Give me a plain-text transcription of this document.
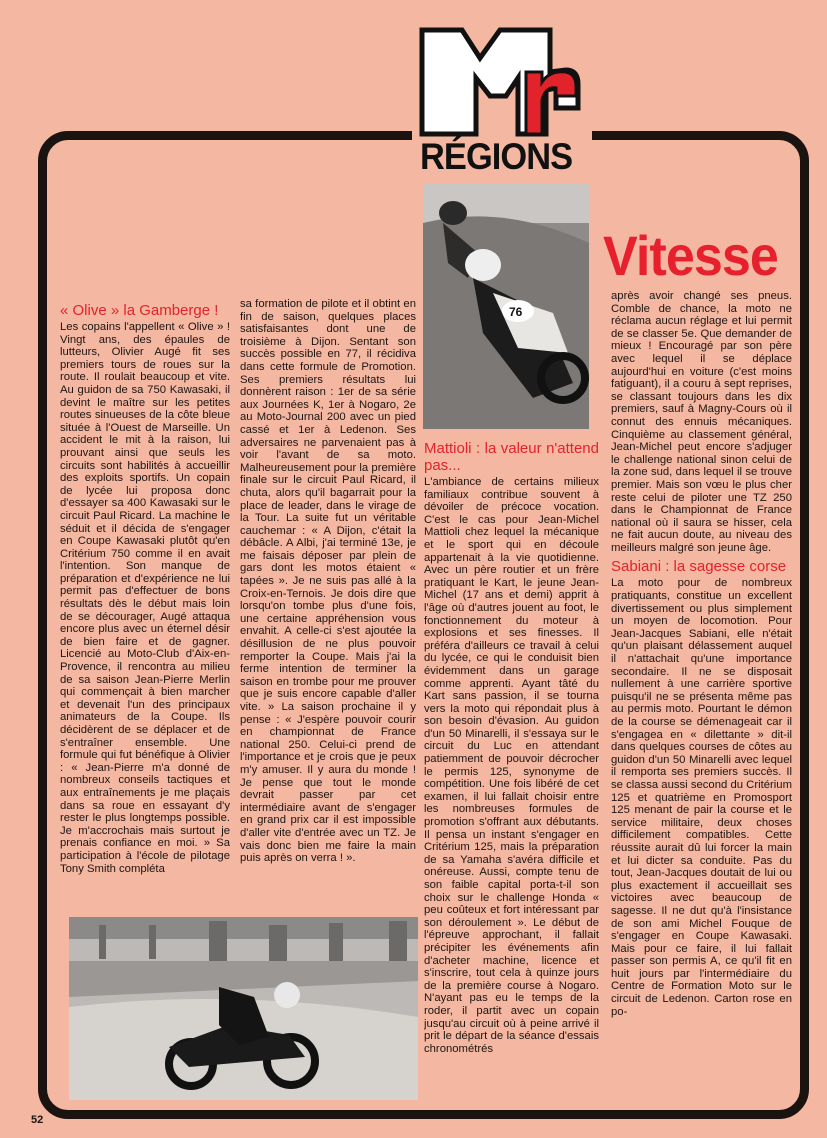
RÉGIONS
Vitesse
76
« Olive » la Gamberge !

Les copains l'appellent « Olive » ! Vingt ans, des épaules de lutteurs, Olivier Augé fit ses premiers tours de roues sur la route. Il roulait beaucoup et vite. Au guidon de sa 750 Kawasaki, il devint le maître sur les petites routes sinueuses de la côte bleue située à l'Ouest de Marseille. Un accident le mit à la raison, lui prouvant ainsi que seuls les circuits sont habilités à accueillir des exploits sportifs. Un copain de lycée lui proposa donc d'essayer sa 400 Kawasaki sur le circuit Paul Ricard. La machine le séduit et il décida de s'engager en Coupe Kawasaki plutôt qu'en Critérium 750 comme il en avait l'intention. Son manque de préparation et d'expérience ne lui permit pas d'effectuer de bons résultats dès le début mais loin de se décourager, Augé attaqua encore plus avec un éternel désir de bien faire et de gagner. Licencié au Moto-Club d'Aix-en-Provence, il rencontra au milieu de sa saison Jean-Pierre Merlin qui commençait à bien marcher et devenait l'un des principaux animateurs de la Coupe. Ils décidèrent de se déplacer et de s'entraîner ensemble. Une formule qui fut bénéfique à Olivier : « Jean-Pierre m'a donné de nombreux conseils tactiques et aux entraînements je me plaçais dans sa roue en essayant d'y rester le plus longtemps possible. Je m'accrochais mais surtout je prenais confiance en moi. » Sa participation à l'école de pilotage Tony Smith compléta

sa formation de pilote et il obtint en fin de saison, quelques places satisfaisantes dont une de troisième à Dijon. Sentant son succès possible en 77, il récidiva dans cette formule de Promotion. Ses premiers résultats lui donnèrent raison : 1er de sa série aux Journées K, 1er à Nogaro, 2e au Moto-Journal 200 avec un pied cassé et 1er à Ledenon. Ses adversaires ne parvenaient pas à voir l'avant de sa moto. Malheureusement pour la première finale sur le circuit Paul Ricard, il chuta, alors qu'il bagarrait pour la place de leader, dans le virage de la Tour. La suite fut un véritable cauchemar : « A Dijon, c'était la débâcle. A Albi, j'ai terminé 13e, je me faisais déposer par plein de gars dont les motos étaient « tapées ». Je ne suis pas allé à la Croix-en-Ternois. Je dois dire que lorsqu'on tombe plus d'une fois, une certaine appréhension vous envahit. A celle-ci s'est ajoutée la désillusion de ne plus pouvoir remporter la Coupe. Mais j'ai la ferme intention de terminer la saison en trombe pour me prouver que je suis encore capable d'aller vite. » La saison prochaine il y pense : « J'espère pouvoir courir en championnat de France national 250. Celui-ci prend de l'importance et je crois que je peux m'y amuser. Il y aura du monde ! Je pense que tout le monde devrait passer par cet intermédiaire avant de s'engager en grand prix car il est impossible d'aller vite d'entrée avec un TZ. Je vais donc bien me faire la main puis après on verra ! ».

Mattioli : la valeur n'attend pas...

L'ambiance de certains milieux familiaux contribue souvent à dévoiler de précoce vocation. C'est le cas pour Jean-Michel Mattioli chez lequel la mécanique et le sport qui en découle appartenait à la vie quotidienne. Avec un père routier et un frère pratiquant le Kart, le jeune Jean-Michel (17 ans et demi) apprit à l'âge où d'autres jouent au foot, le fonctionnement du moteur à explosions et ses finesses. Il préféra d'ailleurs ce travail à celui du lycée, ce qui le conduisit bien évidemment dans un garage comme apprenti. Ayant tâté du Kart sans passion, il se tourna vers la moto qui répondait plus à son besoin d'évasion. Au guidon d'un 50 Minarelli, il s'essaya sur le circuit du Luc en attendant patiemment de pouvoir décrocher le permis 125, synonyme de compétition. Une fois libéré de cet examen, il lui fallait choisir entre les nombreuses formules de promotion s'offrant aux débutants. Il pensa un instant s'engager en Critérium 125, mais la préparation de sa Yamaha s'avéra difficile et onéreuse. Aussi, compte tenu de son faible capital porta-t-il son choix sur le challenge Honda « peu coûteux et fort intéressant par son déroulement ». Le début de l'épreuve approchant, il fallait précipiter les événements afin d'acheter machine, licence et s'inscrire, tout cela à quinze jours de la première course à Nogaro. N'ayant pas eu le temps de la roder, il partit avec un copain jusqu'au circuit où à peine arrivé il prit le départ de la séance d'essais chronométrés

après avoir changé ses pneus. Comble de chance, la moto ne réclama aucun réglage et lui permit de se classer 5e. Que demander de mieux ! Encouragé par son père avec lequel il se déplace aujourd'hui en voiture (c'est moins fatiguant), il a couru à sept reprises, se classant toujours dans les dix premiers, sauf à Magny-Cours où il connut des ennuis mécaniques. Cinquième au classement général, Jean-Michel peut encore s'adjuger le challenge national sinon celui de la zone sud, dans lequel il se trouve premier. Mais son vœu le plus cher reste celui de piloter une TZ 250 dans le Championnat de France national où il saura se hisser, cela ne fait aucun doute, au niveau des meilleurs malgré son jeune âge.

Sabiani : la sagesse corse

La moto pour de nombreux pratiquants, constitue un excellent divertissement ou plus simplement un moyen de locomotion. Pour Jean-Jacques Sabiani, elle n'était qu'un plaisant délassement auquel il n'attachait qu'une importance secondaire. Il ne se disposait nullement à une carrière sportive puisqu'il ne se présenta même pas au permis moto. Pourtant le démon de la course se démenageait car il s'engagea en « dilettante » dit-il dans quelques courses de côtes au guidon d'un 50 Minarelli avec lequel il remporta ses premiers succès. Il se classa aussi second du Critérium 125 et quatrième en Promosport 125 menant de pair la course et le service militaire, deux choses difficilement compatibles. Cette réussite aurait dû lui forcer la main et lui dicter sa conduite. Pas du tout, Jean-Jacques doutait de lui ou plus exactement il accueillait ses victoires avec beaucoup de sagesse. Il ne dut qu'à l'insistance de son ami Michel Fouque de s'engager en Coupe Kawasaki. Mais pour ce faire, il lui fallait passer son permis A, ce qu'il fit en huit jours par l'intermédiaire du Centre de Formation Moto sur le circuit de Ledenon. Carton rose en po-

52
